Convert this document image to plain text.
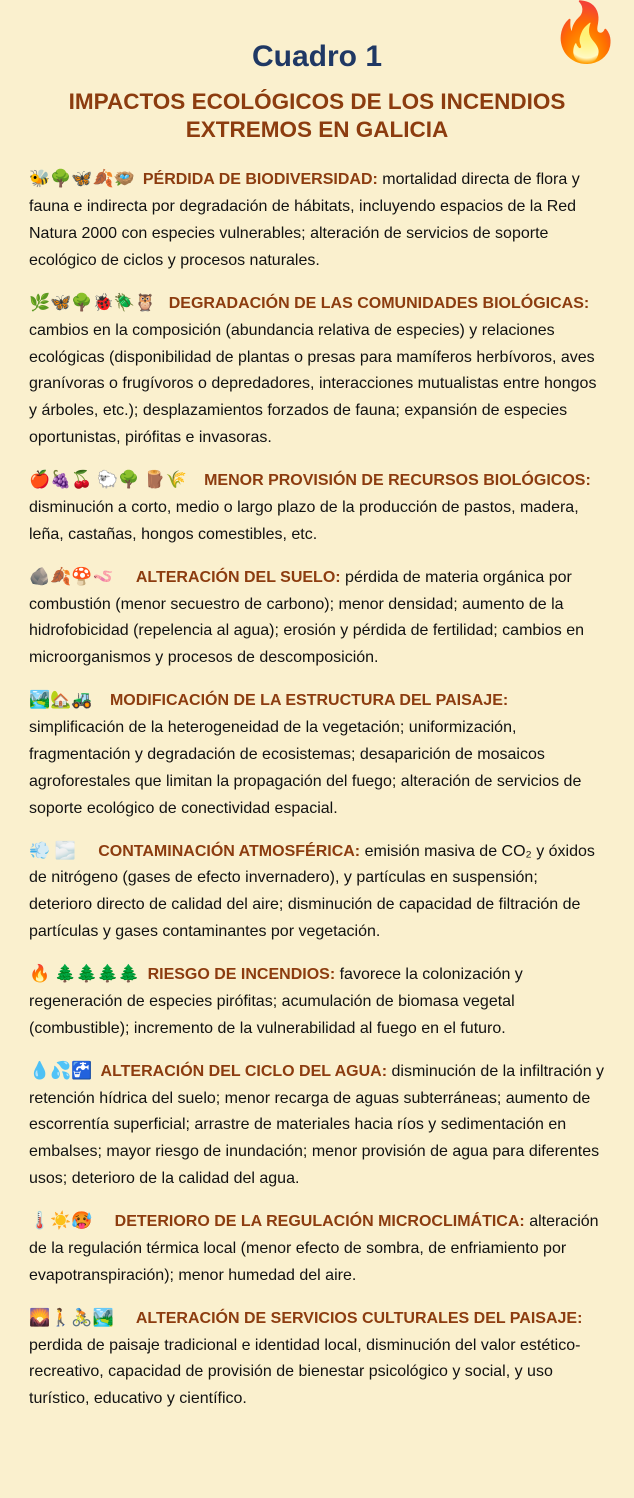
🔥
Cuadro 1
IMPACTOS ECOLÓGICOS DE LOS INCENDIOS
EXTREMOS EN GALICIA

🐝🌳🦋🍂🪺 PÉRDIDA DE BIODIVERSIDAD: mortalidad directa de flora y fauna e indirecta por degradación de hábitats, incluyendo espacios de la Red Natura 2000 con especies vulnerables; alteración de servicios de soporte ecológico de ciclos y procesos naturales.

🌿🦋🌳🐞🪲🦉 DEGRADACIÓN DE LAS COMUNIDADES BIOLÓGICAS: cambios en la composición (abundancia relativa de especies) y relaciones ecológicas (disponibilidad de plantas o presas para mamíferos herbívoros, aves granívoras o frugívoros o depredadores, interacciones mutualistas entre hongos y árboles, etc.); desplazamientos forzados de fauna; expansión de especies oportunistas, pirófitas e invasoras.

🍎🍇🍒 🐑🌳 🪵🌾  MENOR PROVISIÓN DE RECURSOS BIOLÓGICOS: disminución a corto, medio o largo plazo de la producción de pastos, madera, leña, castañas, hongos comestibles, etc.

🪨🍂🍄🪱   ALTERACIÓN DEL SUELO: pérdida de materia orgánica por combustión (menor secuestro de carbono); menor densidad; aumento de la hidrofobicidad (repelencia al agua); erosión y pérdida de fertilidad; cambios en microorganismos y procesos de descomposición.

🏞️🏡🚜  MODIFICACIÓN DE LA ESTRUCTURA DEL PAISAJE: simplificación de la heterogeneidad de la vegetación; uniformización, fragmentación y degradación de ecosistemas; desaparición de mosaicos agroforestales que limitan la propagación del fuego; alteración de servicios de soporte ecológico de conectividad espacial.

💨 🌫️   CONTAMINACIÓN ATMOSFÉRICA: emisión masiva de CO₂ y óxidos de nitrógeno (gases de efecto invernadero), y partículas en suspensión; deterioro directo de calidad del aire; disminución de capacidad de filtración de partículas y gases contaminantes por vegetación.

🔥 🌲🌲🌲🌲 RIESGO DE INCENDIOS: favorece la colonización y regeneración de especies pirófitas; acumulación de biomasa vegetal (combustible); incremento de la vulnerabilidad al fuego en el futuro.

💧💦🚰 ALTERACIÓN DEL CICLO DEL AGUA: disminución de la infiltración y retención hídrica del suelo; menor recarga de aguas subterráneas; aumento de escorrentía superficial; arrastre de materiales hacia ríos y sedimentación en embalses; mayor riesgo de inundación; menor provisión de agua para diferentes usos; deterioro de la calidad del agua.

🌡️☀️🥵   DETERIORO DE LA REGULACIÓN MICROCLIMÁTICA: alteración de la regulación térmica local (menor efecto de sombra, de enfriamiento por evapotranspiración); menor humedad del aire.

🌄🚶🚴🏞️   ALTERACIÓN DE SERVICIOS CULTURALES DEL PAISAJE: perdida de paisaje tradicional e identidad local, disminución del valor estético-recreativo, capacidad de provisión de bienestar psicológico y social, y uso turístico, educativo y científico.
